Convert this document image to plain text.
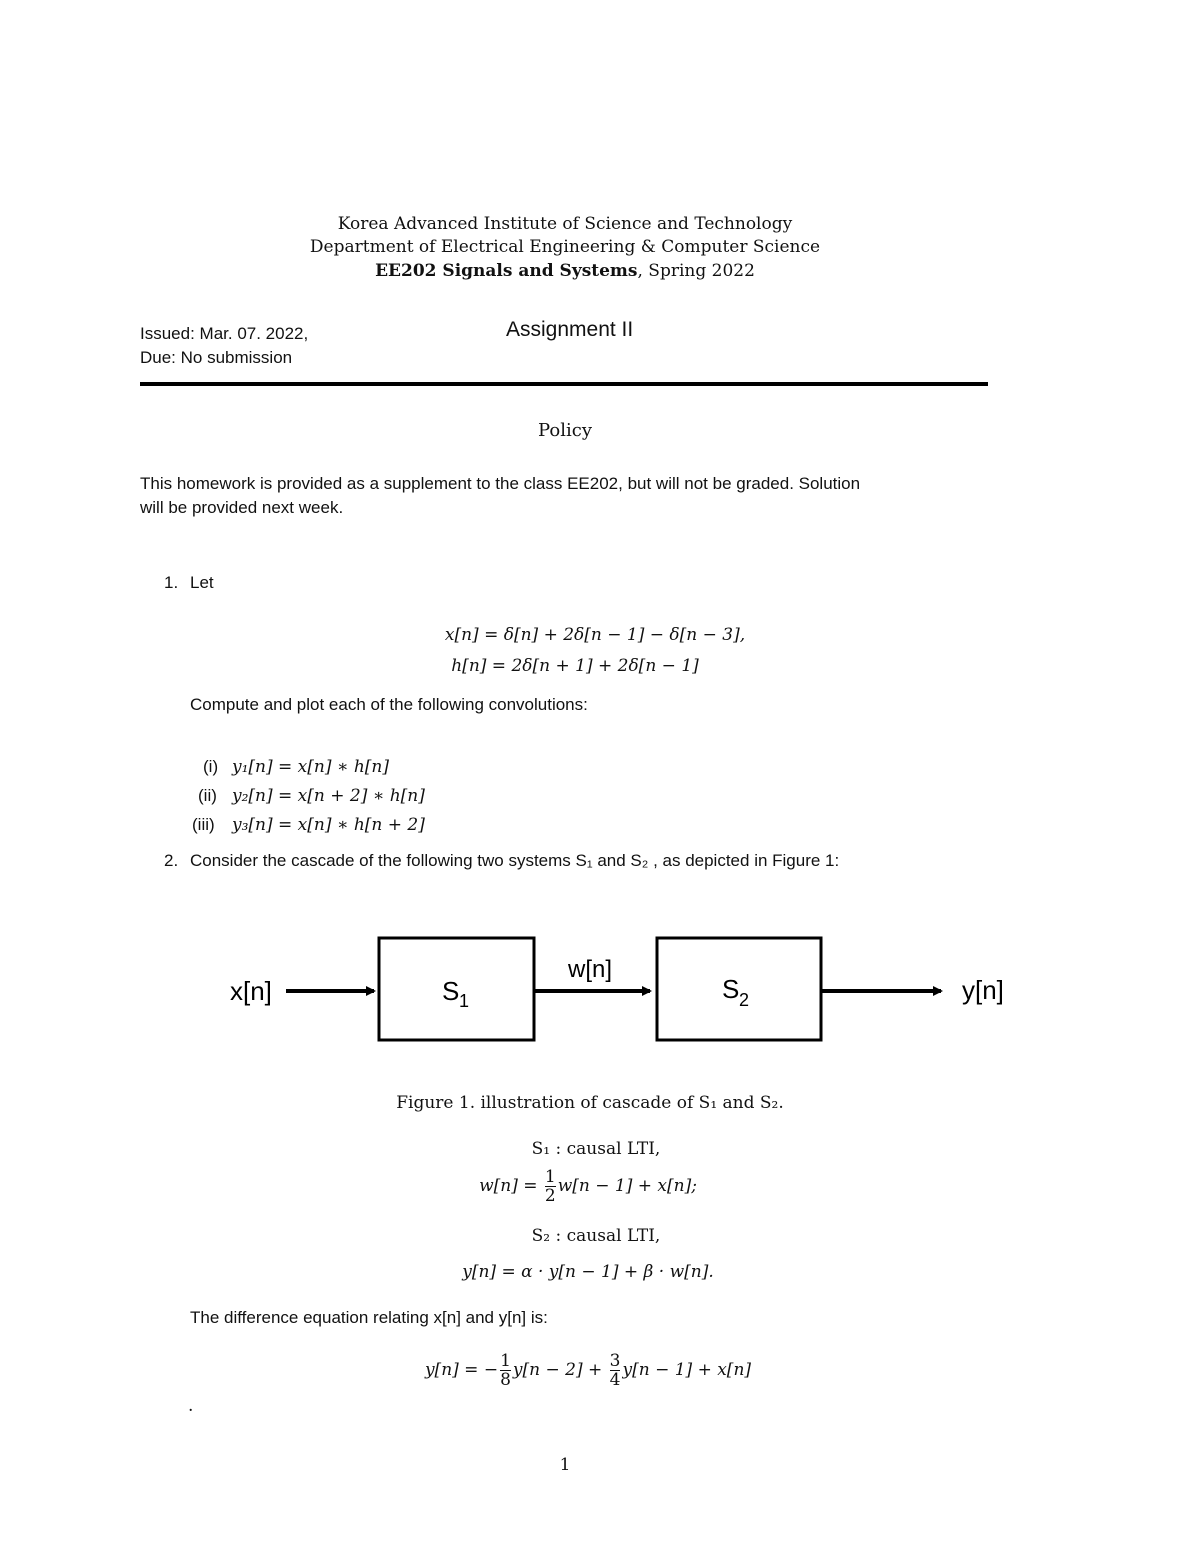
Korea Advanced Institute of Science and Technology
Department of Electrical Engineering & Computer Science
EE202 Signals and Systems, Spring 2022
Issued: Mar. 07. 2022,
Due: No submission
Assignment II
Policy
This homework is provided as a supplement to the class EE202, but will not be graded. Solution
will be provided next week.
1. Let
x[n] = δ[n] + 2δ[n − 1] − δ[n − 3],
h[n] = 2δ[n + 1] + 2δ[n − 1]
Compute and plot each of the following convolutions:
(i) y₁[n] = x[n] ∗ h[n]
(ii) y₂[n] = x[n + 2] ∗ h[n]
(iii) y₃[n] = x[n] ∗ h[n + 2]
2. Consider the cascade of the following two systems S₁ and S₂ , as depicted in Figure 1:
x[n]	S 1
w[n]
S 2	y[n]
Figure 1. illustration of cascade of S₁ and S₂.
S₁ : causal LTI,
$w[n] = \frac{1}{2} w[n - 1] + x[n]$;
S₂ : causal LTI,
y[n] = α · y[n − 1] + β · w[n].
The difference equation relating x[n] and y[n] is:
y[n] = − $\frac{1}{8} y[n - 2] + \frac{3}{4} y[n - 1] + x[n]$
.
1
